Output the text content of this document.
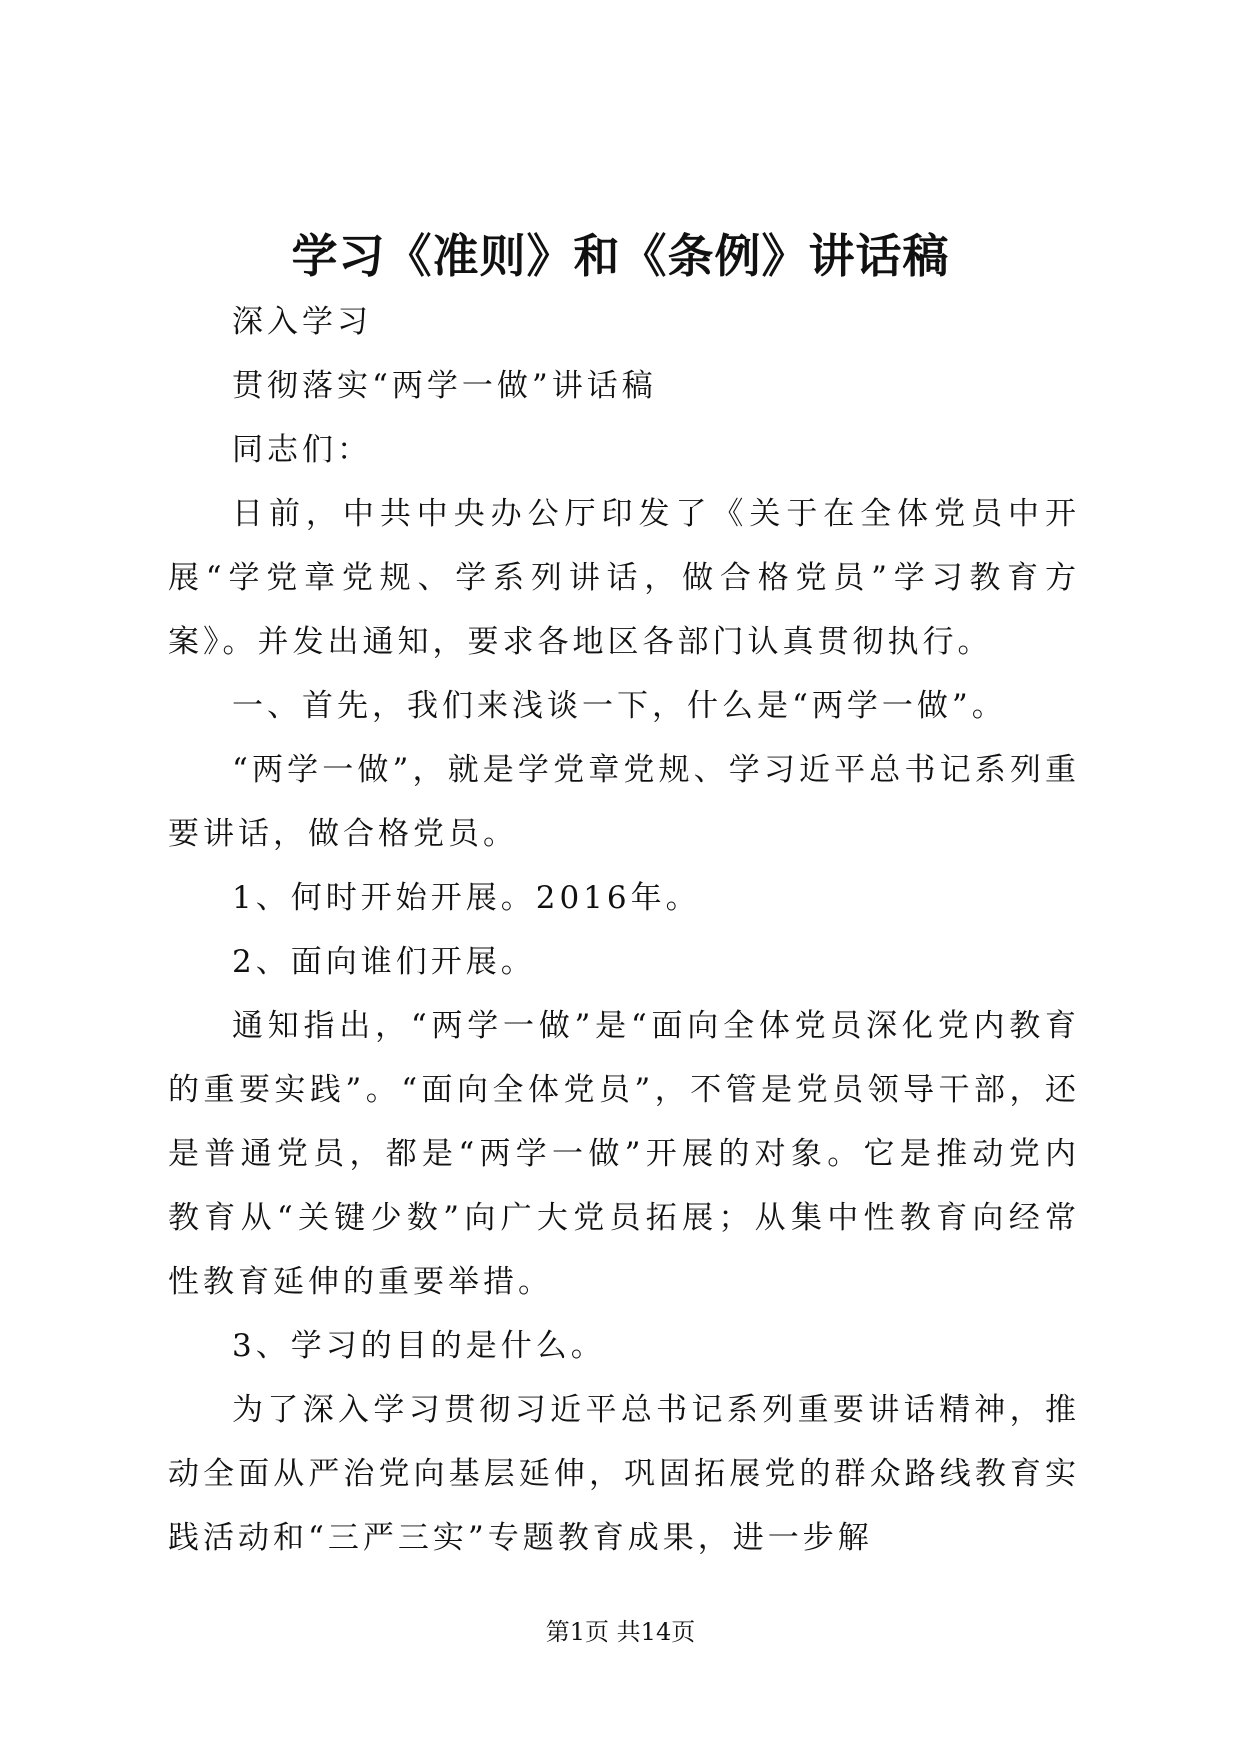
学习《准则》和《条例》讲话稿

深入学习

贯彻落实“两学一做”讲话稿

同志们：

日前，中共中央办公厅印发了《关于在全体党员中开展“学党章党规、学系列讲话，做合格党员”学习教育方案》。并发出通知，要求各地区各部门认真贯彻执行。

一、首先，我们来浅谈一下，什么是“两学一做”。

“两学一做”，就是学党章党规、学习近平总书记系列重要讲话，做合格党员。

1、何时开始开展。2016年。

2、面向谁们开展。

通知指出，“两学一做”是“面向全体党员深化党内教育的重要实践”。“面向全体党员”，不管是党员领导干部，还是普通党员，都是“两学一做”开展的对象。它是推动党内教育从“关键少数”向广大党员拓展；从集中性教育向经常性教育延伸的重要举措。

3、学习的目的是什么。

为了深入学习贯彻习近平总书记系列重要讲话精神，推动全面从严治党向基层延伸，巩固拓展党的群众路线教育实践活动和“三严三实”专题教育成果，进一步解

第1页 共14页
